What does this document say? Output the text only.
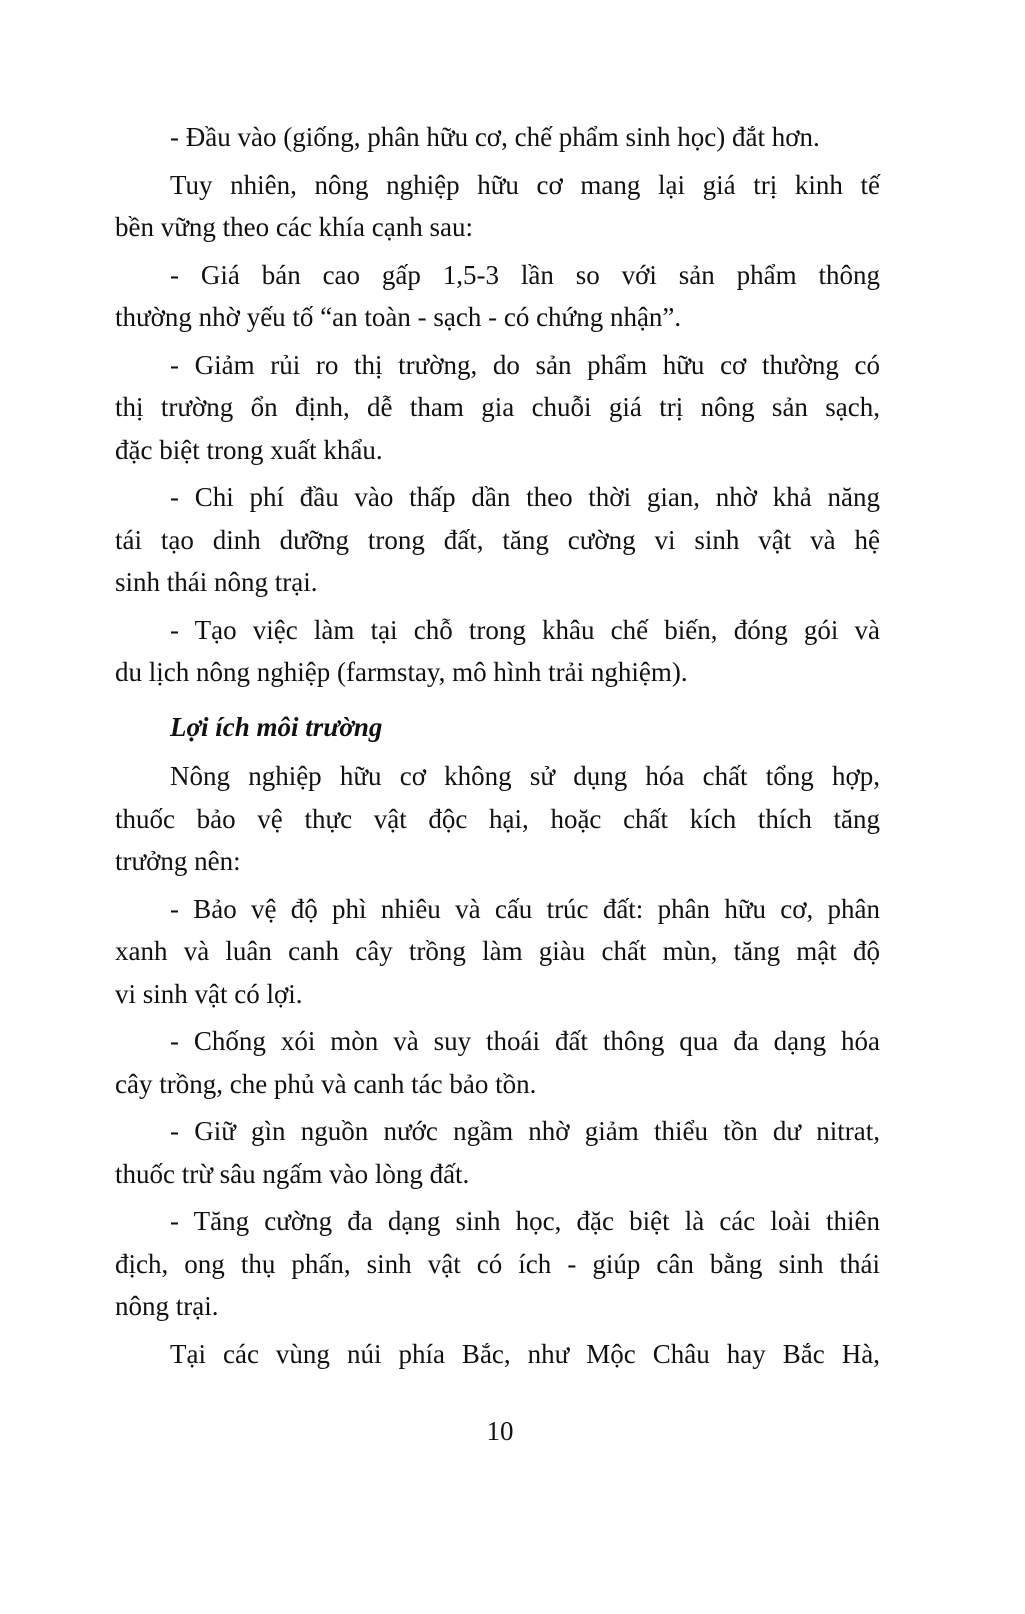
- Đầu vào (giống, phân hữu cơ, chế phẩm sinh học) đắt hơn.
Tuy nhiên, nông nghiệp hữu cơ mang lại giá trị kinh tế
bền vững theo các khía cạnh sau:
- Giá bán cao gấp 1,5-3 lần so với sản phẩm thông
thường nhờ yếu tố “an toàn - sạch - có chứng nhận”.
- Giảm rủi ro thị trường, do sản phẩm hữu cơ thường có
thị trường ổn định, dễ tham gia chuỗi giá trị nông sản sạch,
đặc biệt trong xuất khẩu.
- Chi phí đầu vào thấp dần theo thời gian, nhờ khả năng
tái tạo dinh dưỡng trong đất, tăng cường vi sinh vật và hệ
sinh thái nông trại.
- Tạo việc làm tại chỗ trong khâu chế biến, đóng gói và
du lịch nông nghiệp (farmstay, mô hình trải nghiệm).
Lợi ích môi trường
Nông nghiệp hữu cơ không sử dụng hóa chất tổng hợp,
thuốc bảo vệ thực vật độc hại, hoặc chất kích thích tăng
trưởng nên:
- Bảo vệ độ phì nhiêu và cấu trúc đất: phân hữu cơ, phân
xanh và luân canh cây trồng làm giàu chất mùn, tăng mật độ
vi sinh vật có lợi.
- Chống xói mòn và suy thoái đất thông qua đa dạng hóa
cây trồng, che phủ và canh tác bảo tồn.
- Giữ gìn nguồn nước ngầm nhờ giảm thiểu tồn dư nitrat,
thuốc trừ sâu ngấm vào lòng đất.
- Tăng cường đa dạng sinh học, đặc biệt là các loài thiên
địch, ong thụ phấn, sinh vật có ích - giúp cân bằng sinh thái
nông trại.
Tại các vùng núi phía Bắc, như Mộc Châu hay Bắc Hà,
10
